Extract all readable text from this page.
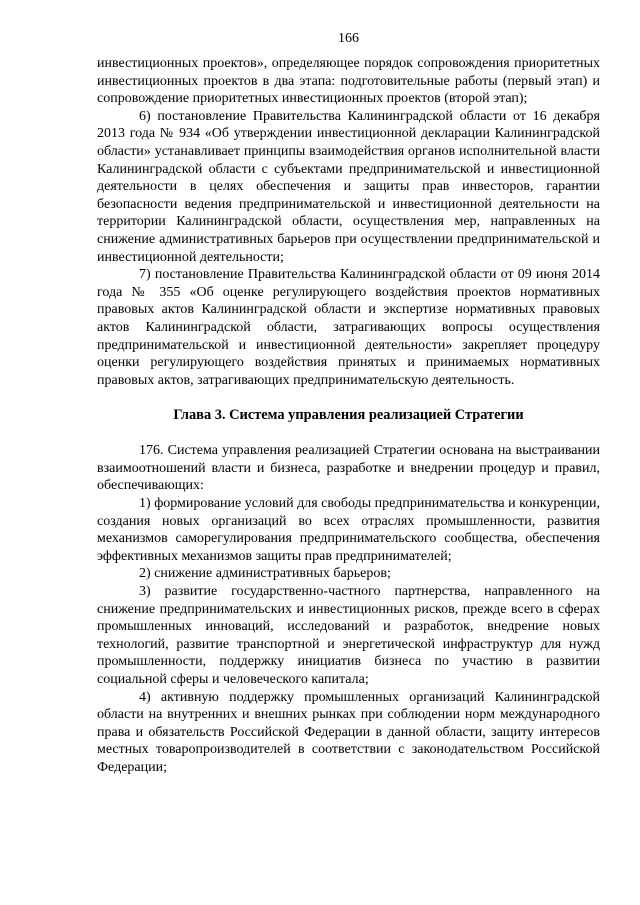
166

инвестиционных проектов», определяющее порядок сопровождения приоритетных инвестиционных проектов в два этапа: подготовительные работы (первый этап) и сопровождение приоритетных инвестиционных проектов (второй этап);

6) постановление Правительства Калининградской области от 16 декабря 2013 года № 934 «Об утверждении инвестиционной декларации Калининградской области» устанавливает принципы взаимодействия органов исполнительной власти Калининградской области с субъектами предпринимательской и инвестиционной деятельности в целях обеспечения и защиты прав инвесторов, гарантии безопасности ведения предпринимательской и инвестиционной деятельности на территории Калининградской области, осуществления мер, направленных на снижение административных барьеров при осуществлении предпринимательской и инвестиционной деятельности;

7) постановление Правительства Калининградской области от 09 июня 2014 года № 355 «Об оценке регулирующего воздействия проектов нормативных правовых актов Калининградской области и экспертизе нормативных правовых актов Калининградской области, затрагивающих вопросы осуществления предпринимательской и инвестиционной деятельности» закрепляет процедуру оценки регулирующего воздействия принятых и принимаемых нормативных правовых актов, затрагивающих предпринимательскую деятельность.

Глава 3. Система управления реализацией Стратегии

176. Система управления реализацией Стратегии основана на выстраивании взаимоотношений власти и бизнеса, разработке и внедрении процедур и правил, обеспечивающих:

1) формирование условий для свободы предпринимательства и конкуренции, создания новых организаций во всех отраслях промышленности, развития механизмов саморегулирования предпринимательского сообщества, обеспечения эффективных механизмов защиты прав предпринимателей;

2) снижение административных барьеров;

3) развитие государственно-частного партнерства, направленного на снижение предпринимательских и инвестиционных рисков, прежде всего в сферах промышленных инноваций, исследований и разработок, внедрение новых технологий, развитие транспортной и энергетической инфраструктур для нужд промышленности, поддержку инициатив бизнеса по участию в развитии социальной сферы и человеческого капитала;

4) активную поддержку промышленных организаций Калининградской области на внутренних и внешних рынках при соблюдении норм международного права и обязательств Российской Федерации в данной области, защиту интересов местных товаропроизводителей в соответствии с законодательством Российской Федерации;
